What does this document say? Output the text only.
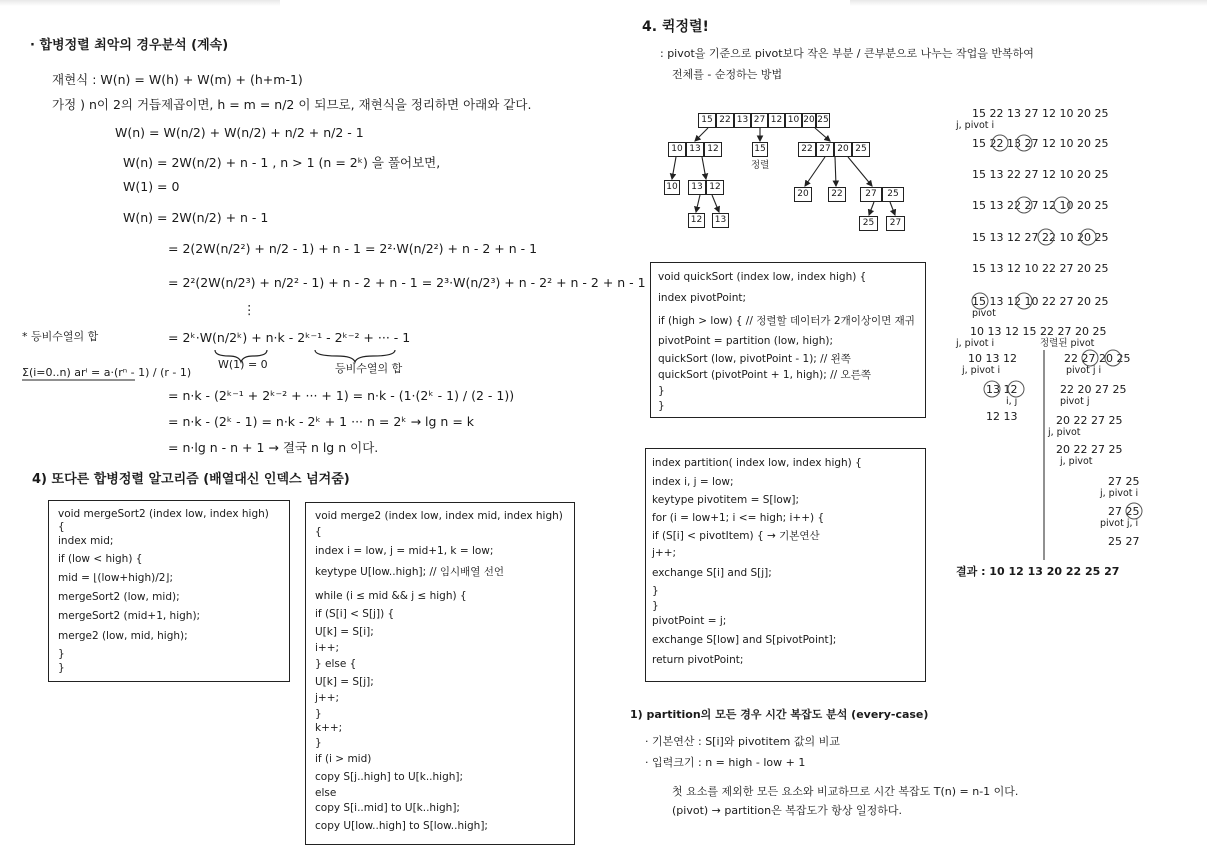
· 합병정렬 최악의 경우분석 (계속)
재현식 : W(n) = W(h) + W(m) + (h+m-1)
가정 ) n이 2의 거듭제곱이면, h = m = n/2 이 되므로, 재현식을 정리하면 아래와 같다.
W(n) = W(n/2) + W(n/2) + n/2 + n/2 - 1
W(n) = 2W(n/2) + n - 1 , n > 1 (n = 2ᵏ) 을 풀어보면,
W(1) = 0
W(n) = 2W(n/2) + n - 1
= 2(2W(n/2²) + n/2 - 1) + n - 1 = 2²·W(n/2²) + n - 2 + n - 1
= 2²(2W(n/2³) + n/2² - 1) + n - 2 + n - 1 = 2³·W(n/2³) + n - 2² + n - 2 + n - 1
⋮
= 2ᵏ·W(n/2ᵏ) + n·k - 2ᵏ⁻¹ - 2ᵏ⁻² + ··· - 1
W(1) = 0	등비수열의 합
= n·k - (2ᵏ⁻¹ + 2ᵏ⁻² + ··· + 1) = n·k - (1·(2ᵏ - 1) / (2 - 1))
= n·k - (2ᵏ - 1) = n·k - 2ᵏ + 1 ··· n = 2ᵏ → lg n = k
= n·lg n - n + 1 → 결국 n lg n 이다.
* 등비수열의 합
Σ(i=0..n) arⁱ = a·(rⁿ - 1) / (r - 1)
4) 또다른 합병정렬 알고리즘 (배열대신 인덱스 넘겨줌)
void mergeSort2 (index low, index high)
{
index mid;
if (low < high) {
mid = ⌊(low+high)/2⌋;
mergeSort2 (low, mid);
mergeSort2 (mid+1, high);
merge2 (low, mid, high);
}
}
void merge2 (index low, index mid, index high)
{
index i = low, j = mid+1, k = low;
keytype U[low..high]; // 임시배열 선언
while (i ≤ mid && j ≤ high) {
if (S[i] < S[j]) {
U[k] = S[i];
i++;
} else {
U[k] = S[j];
j++;
}
k++;
}
if (i > mid)
copy S[j..high] to U[k..high];
else
copy S[i..mid] to U[k..high];
copy U[low..high] to S[low..high];
4. 퀵정렬!
: pivot을 기준으로 pivot보다 작은 부분 / 큰부분으로 나누는 작업을 반복하여
전체를 - 순정하는 방법
15 22 13 27 12 10 20 25
10 13 12	15
정렬
22 27 20 25
10	13 12
20	22	27	25
12	13	25	27
void quickSort (index low, index high) {
index pivotPoint;
if (high > low) { // 정렬할 데이터가 2개이상이면 재귀
pivotPoint = partition (low, high);
quickSort (low, pivotPoint - 1); // 왼쪽
quickSort (pivotPoint + 1, high); // 오른쪽
}
}
index partition( index low, index high) {
index i, j = low;
keytype pivotitem = S[low];
for (i = low+1; i <= high; i++) {
if (S[i] < pivotItem) { → 기본연산
j++;
exchange S[i] and S[j];
}
}
pivotPoint = j;
exchange S[low] and S[pivotPoint];
return pivotPoint;
1) partition의 모든 경우 시간 복잡도 분석 (every-case)
· 기본연산 : S[i]와 pivotitem 값의 비교
· 입력크기 : n = high - low + 1
첫 요소를 제외한 모든 요소와 비교하므로 시간 복잡도 T(n) = n-1 이다.
(pivot) → partition은 복잡도가 항상 일정하다.
15 22 13 27 12 10 20 25
j, pivot i
15 22 13 27 12 10 20 25
15 13 22 27 12 10 20 25
15 13 22 27 12 10 20 25
15 13 12 27 22 10 20 25
15 13 12 10 22 27 20 25
15 13 12 10 22 27 20 25
pivot
10 13 12 15 22 27 20 25
j, pivot i	정렬된 pivot
10 13 12
j, pivot i
13 12
i, j
12 13
22 27 20 25
pivot j i
22 20 27 25
pivot j
20 22 27 25
j, pivot
20 22 27 25
j, pivot
27 25
j, pivot i
27 25
pivot j, i
25 27
결과 : 10 12 13 20 22 25 27
